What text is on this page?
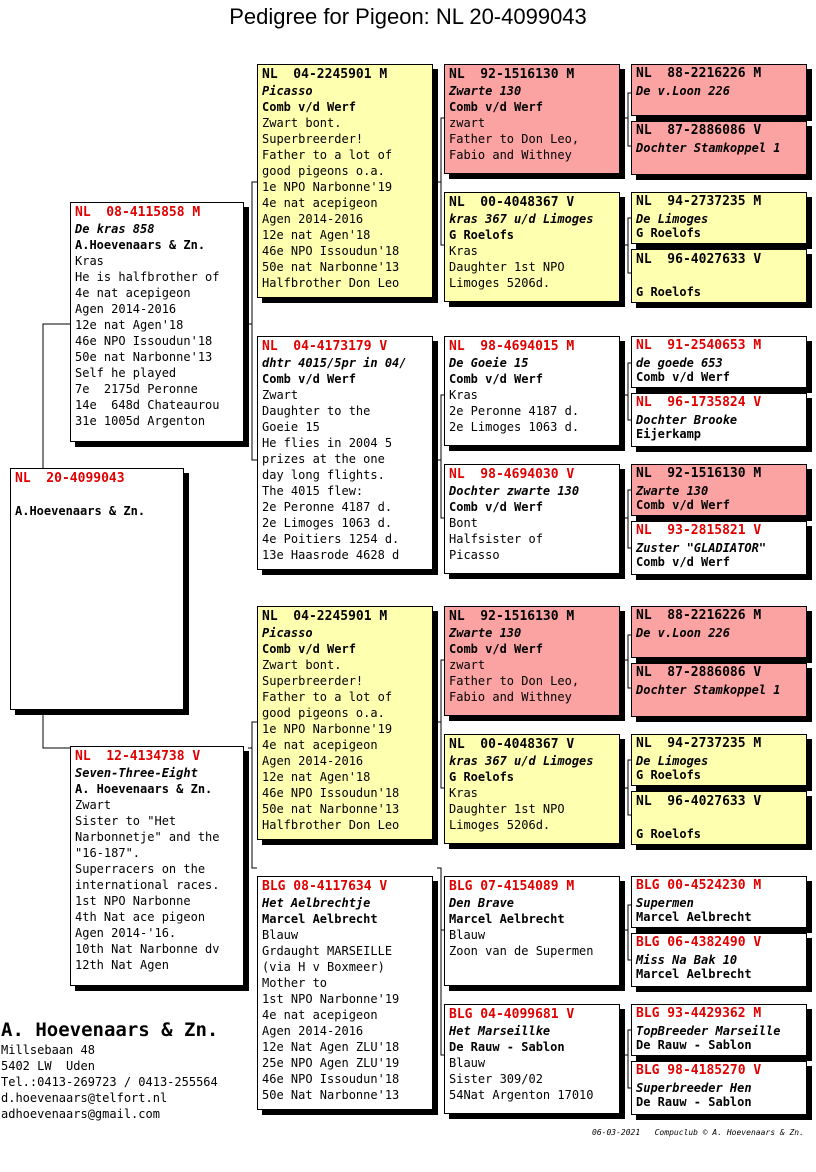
Pedigree for Pigeon: NL 20-4099043
NL  20-4099043

A.Hoevenaars & Zn.
NL  08-4115858 M
De kras 858
A.Hoevenaars & Zn.
Kras
He is halfbrother of
4e nat acepigeon
Agen 2014-2016
12e nat Agen'18
46e NPO Issoudun'18
50e nat Narbonne'13
Self he played
7e  2175d Peronne
14e  648d Chateaurou
31e 1005d Argenton
NL  12-4134738 V
Seven-Three-Eight
A. Hoevenaars & Zn.
Zwart
Sister to "Het
Narbonnetje" and the
"16-187".
Superracers on the
international races.
1st NPO Narbonne
4th Nat ace pigeon
Agen 2014-'16.
10th Nat Narbonne dv
12th Nat Agen
NL  04-2245901 M
Picasso
Comb v/d Werf
Zwart bont.
Superbreerder!
Father to a lot of
good pigeons o.a.
1e NPO Narbonne'19
4e nat acepigeon
Agen 2014-2016
12e nat Agen'18
46e NPO Issoudun'18
50e nat Narbonne'13
Halfbrother Don Leo
NL  04-4173179 V
dhtr 4015/5pr in 04/
Comb v/d Werf
Zwart
Daughter to the
Goeie 15
He flies in 2004 5
prizes at the one
day long flights.
The 4015 flew:
2e Peronne 4187 d.
2e Limoges 1063 d.
4e Poitiers 1254 d.
13e Haasrode 4628 d
NL  04-2245901 M
Picasso
Comb v/d Werf
Zwart bont.
Superbreerder!
Father to a lot of
good pigeons o.a.
1e NPO Narbonne'19
4e nat acepigeon
Agen 2014-2016
12e nat Agen'18
46e NPO Issoudun'18
50e nat Narbonne'13
Halfbrother Don Leo
BLG 08-4117634 V
Het Aelbrechtje
Marcel Aelbrecht
Blauw
Grdaught MARSEILLE
(via H v Boxmeer)
Mother to
1st NPO Narbonne'19
4e nat acepigeon
Agen 2014-2016
12e Nat Agen ZLU'18
25e NPO Agen ZLU'19
46e NPO Issoudun'18
50e Nat Narbonne'13
NL  92-1516130 M
Zwarte 130
Comb v/d Werf
zwart
Father to Don Leo,
Fabio and Withney
NL  00-4048367 V
kras 367 u/d Limoges
G Roelofs
Kras
Daughter 1st NPO
Limoges 5206d.
NL  98-4694015 M
De Goeie 15
Comb v/d Werf
Kras
2e Peronne 4187 d.
2e Limoges 1063 d.
NL  98-4694030 V
Dochter zwarte 130
Comb v/d Werf
Bont
Halfsister of
Picasso
NL  92-1516130 M
Zwarte 130
Comb v/d Werf
zwart
Father to Don Leo,
Fabio and Withney
NL  00-4048367 V
kras 367 u/d Limoges
G Roelofs
Kras
Daughter 1st NPO
Limoges 5206d.
BLG 07-4154089 M
Den Brave
Marcel Aelbrecht
Blauw
Zoon van de Supermen
BLG 04-4099681 V
Het Marseillke
De Rauw - Sablon
Blauw
Sister 309/02
54Nat Argenton 17010
NL  88-2216226 M
De v.Loon 226
NL  87-2886086 V
Dochter Stamkoppel 1
NL  94-2737235 M
De Limoges
G Roelofs
NL  96-4027633 V

G Roelofs
NL  91-2540653 M
de goede 653
Comb v/d Werf
NL  96-1735824 V
Dochter Brooke
Eijerkamp
NL  92-1516130 M
Zwarte 130
Comb v/d Werf
NL  93-2815821 V
Zuster "GLADIATOR"
Comb v/d Werf
NL  88-2216226 M
De v.Loon 226
NL  87-2886086 V
Dochter Stamkoppel 1
NL  94-2737235 M
De Limoges
G Roelofs
NL  96-4027633 V

G Roelofs
BLG 00-4524230 M
Supermen
Marcel Aelbrecht
BLG 06-4382490 V
Miss Na Bak 10
Marcel Aelbrecht
BLG 93-4429362 M
TopBreeder Marseille
De Rauw - Sablon
BLG 98-4185270 V
Superbreeder Hen
De Rauw - Sablon
A. Hoevenaars & Zn.
Millsebaan 48
5402 LW  Uden
Tel.:0413-269723 / 0413-255564
d.hoevenaars@telfort.nl
adhoevenaars@gmail.com
06-03-2021   Compuclub © A. Hoevenaars & Zn.
